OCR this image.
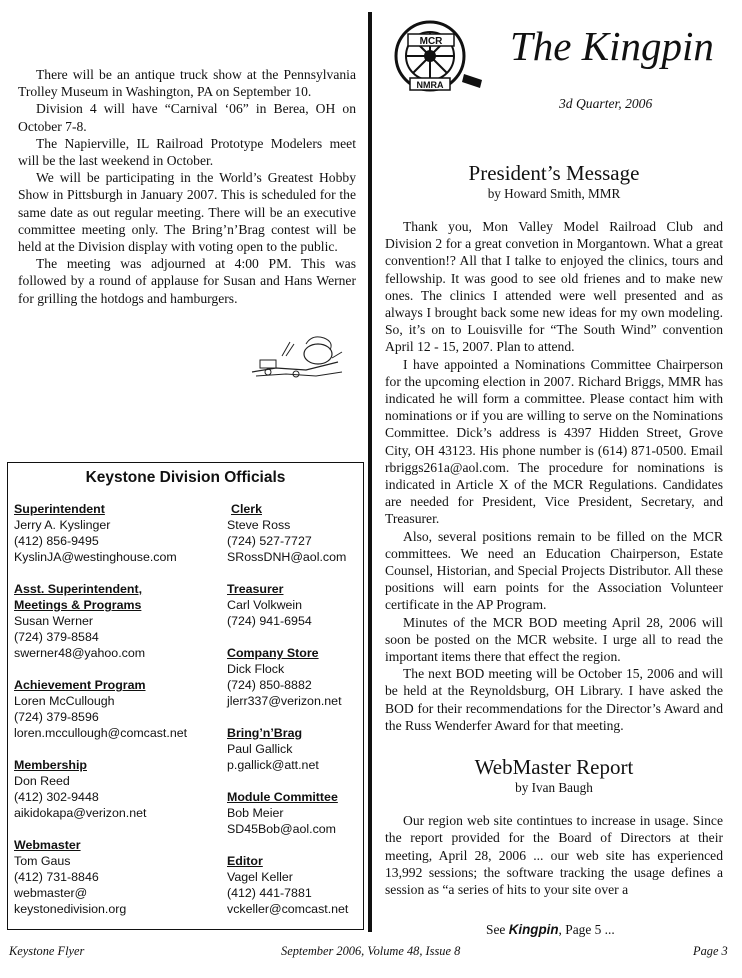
There will be an antique truck show at the Pennsylvania Trolley Museum in Washington, PA on September 10.

Division 4 will have “Carnival ‘06” in Berea, OH on October 7-8.

The Napierville, IL Railroad Prototype Modelers meet will be the last weekend in October.

We will be participating in the World’s Greatest Hobby Show in Pittsburgh in January 2007. This is scheduled for the same date as out regular meeting. There will be an executive committee meeting only. The Bring’n’Brag contest will be held at the Division display with voting open to the public.

The meeting was adjourned at 4:00 PM. This was followed by a round of applause for Susan and Hans Werner for grilling the hotdogs and hamburgers.

Keystone Division Officials
Superintendent
Jerry A. Kyslinger
(412) 856-9495
KyslinJA@westinghouse.com
Asst. Superintendent,
Meetings & Programs
Susan Werner
(724) 379-8584
swerner48@yahoo.com
Achievement Program
Loren McCullough
(724) 379-8596
loren.mccullough@comcast.net
Membership
Don Reed
(412) 302-9448
aikidokapa@verizon.net
Webmaster
Tom Gaus
(412) 731-8846
webmaster@
keystonedivision.org
Clerk
Steve Ross
(724) 527-7727
SRossDNH@aol.com
Treasurer
Carl Volkwein
(724) 941-6954
Company Store
Dick Flock
(724) 850-8882
jlerr337@verizon.net
Bring’n’Brag
Paul Gallick
p.gallick@att.net
Module Committee
Bob Meier
SD45Bob@aol.com
Editor
Vagel Keller
(412) 441-7881
vckeller@comcast.net
MCR
NMRA
The Kingpin
3d Quarter, 2006
President’s Message
by Howard Smith, MMR

Thank you, Mon Valley Model Railroad Club and Division 2 for a great convetion in Morgantown. What a great convention!? All that I talke to enjoyed the clinics, tours and fellowship. It was good to see old frienes and to make new ones. The clinics I attended were well presented and as always I brought back some new ideas for my own modeling. So, it’s on to Louisville for “The South Wind” convention April 12 - 15, 2007. Plan to attend.

I have appointed a Nominations Committee Chairperson for the upcoming election in 2007. Richard Briggs, MMR has indicated he will form a committee. Please contact him with nominations or if you are willing to serve on the Nominations Committee. Dick’s address is 4397 Hidden Street, Grove City, OH 43123. His phone number is (614) 871-0500. Email rbriggs261a@aol.com. The procedure for nominations is indicated in Article X of the MCR Regulations. Candidates are needed for President, Vice President, Secretary, and Treasurer.

Also, several positions remain to be filled on the MCR committees. We need an Education Chairperson, Estate Counsel, Historian, and Special Projects Distributor. All these positions will earn points for the Association Volunteer certificate in the AP Program.

Minutes of the MCR BOD meeting April 28, 2006 will soon be posted on the MCR website. I urge all to read the important items there that effect the region.

The next BOD meeting will be October 15, 2006 and will be held at the Reynoldsburg, OH Library. I have asked the BOD for their recommendations for the Director’s Award and the Russ Wenderfer Award for that meeting.

WebMaster Report
by Ivan Baugh

Our region web site contintues to increase in usage. Since the report provided for the Board of Directors at their meeting, April 28, 2006 ... our web site has experienced 13,992 sessions; the software tracking the usage defines a session as “a series of hits to your site over a

See Kingpin, Page 5 ...
Keystone Flyer	September 2006, Volume 48, Issue 8	Page 3
